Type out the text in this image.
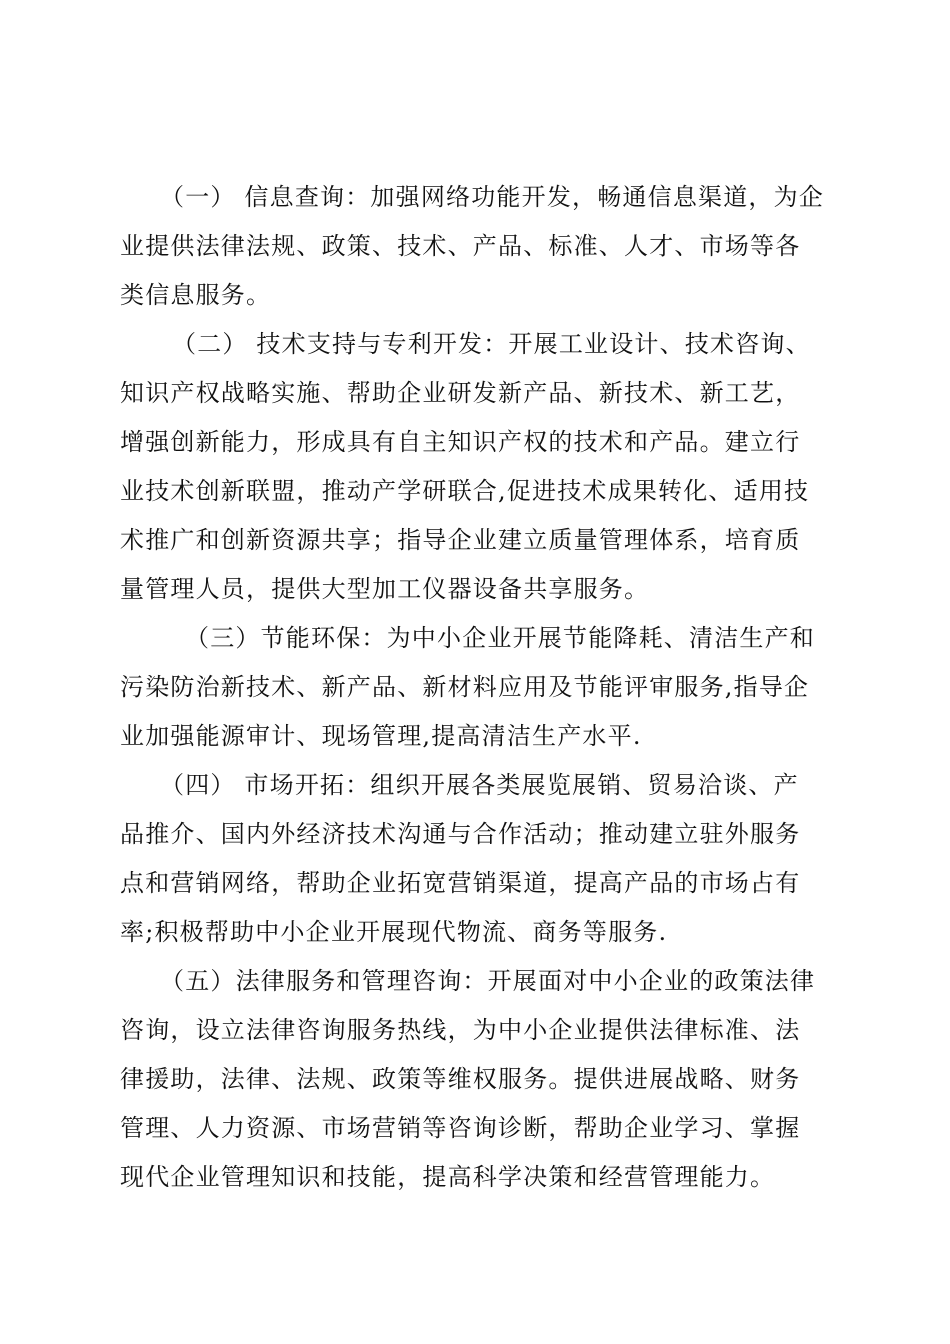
（一） 信息查询：加强网络功能开发，畅通信息渠道，为企
业提供法律法规、政策、技术、产品、标准、人才、市场等各
类信息服务。
（二） 技术支持与专利开发：开展工业设计、技术咨询、
知识产权战略实施、帮助企业研发新产品、新技术、新工艺，
增强创新能力，形成具有自主知识产权的技术和产品。建立行
业技术创新联盟，推动产学研联合,促进技术成果转化、适用技
术推广和创新资源共享；指导企业建立质量管理体系，培育质
量管理人员，提供大型加工仪器设备共享服务。
（三）节能环保：为中小企业开展节能降耗、清洁生产和
污染防治新技术、新产品、新材料应用及节能评审服务,指导企
业加强能源审计、现场管理,提高清洁生产水平.
（四） 市场开拓：组织开展各类展览展销、贸易洽谈、产
品推介、国内外经济技术沟通与合作活动；推动建立驻外服务
点和营销网络，帮助企业拓宽营销渠道，提高产品的市场占有
率;积极帮助中小企业开展现代物流、商务等服务.
（五）法律服务和管理咨询：开展面对中小企业的政策法律
咨询，设立法律咨询服务热线，为中小企业提供法律标准、法
律援助，法律、法规、政策等维权服务。提供进展战略、财务
管理、人力资源、市场营销等咨询诊断，帮助企业学习、掌握
现代企业管理知识和技能，提高科学决策和经营管理能力。
